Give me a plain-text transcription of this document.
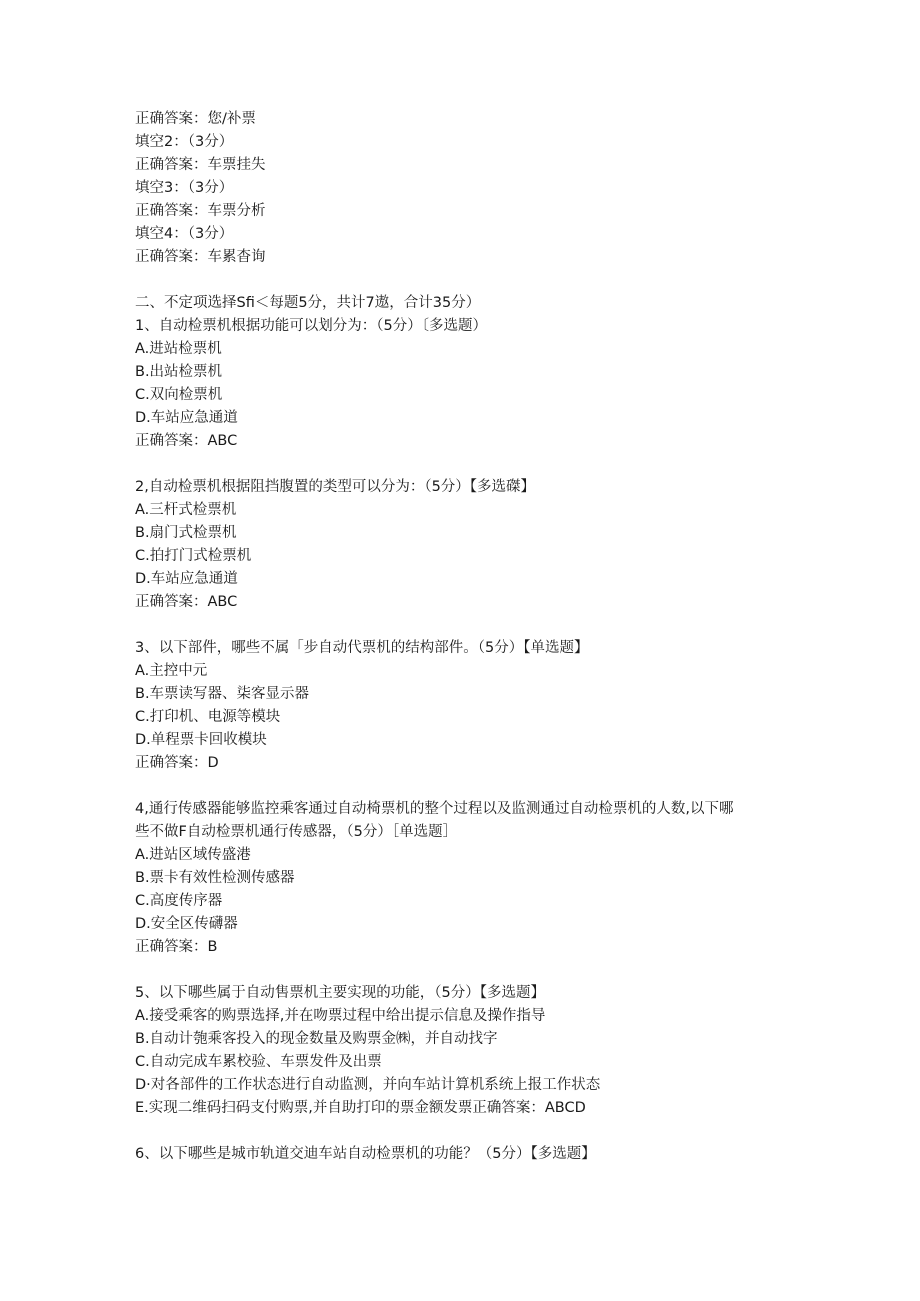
正确答案：您/补票
填空2：（3分）
正确答案：车票挂失
填空3：（3分）
正确答案：车票分析
填空4：（3分）
正确答案：车累杳询
二、不定项选择Sfi＜每题5分，共计7遨，合计35分）
1、自动检票机根据功能可以划分为：（5分）〔多选题）
A.进站检票机
B.出站检票机
C.双向检票机
D.车站应急通道
正确答案：ABC
2,自动检票机根据阻挡腹置的类型可以分为：（5分）【多选磔】
A.三杆式检票机
B.扇门式检票机
C.拍打门式检票机
D.车站应急通道
正确答案：ABC
3、以下部件，哪些不属「步自动代票机的结构部件。（5分）【单选题】
A.主控中元
B.车票读写器、柒客显示器
C.打印机、电源等模块
D.单程票卡回收模块
正确答案：D
4,通行传感器能够监控乘客通过自动椅票机的整个过程以及监测通过自动检票机的人数,以下哪
些不做F自动检票机通行传感器，（5分）［单选题］
A.进站区域传盛港
B.票卡有效性检测传感器
C.高度传序器
D.安全区传礴器
正确答案：B
5、以下哪些属于自动售票机主要实现的功能，（5分）【多选题】
A.接受乘客的购票选择,并在吻票过程中给出提示信息及操作指导
B.自动计匏乘客投入的现金数量及购票金㈱，并自动找字
C.自动完成车累校验、车票发件及出票
D·对各部件的工作状态进行自动监测，并向车站计算机系统上报工作状态
E.实现二维码扫码支付购票,并自助打印的票金额发票正确答案：ABCD
6、以下哪些是城市轨道交迪车站自动检票机的功能？（5分）【多选题】
